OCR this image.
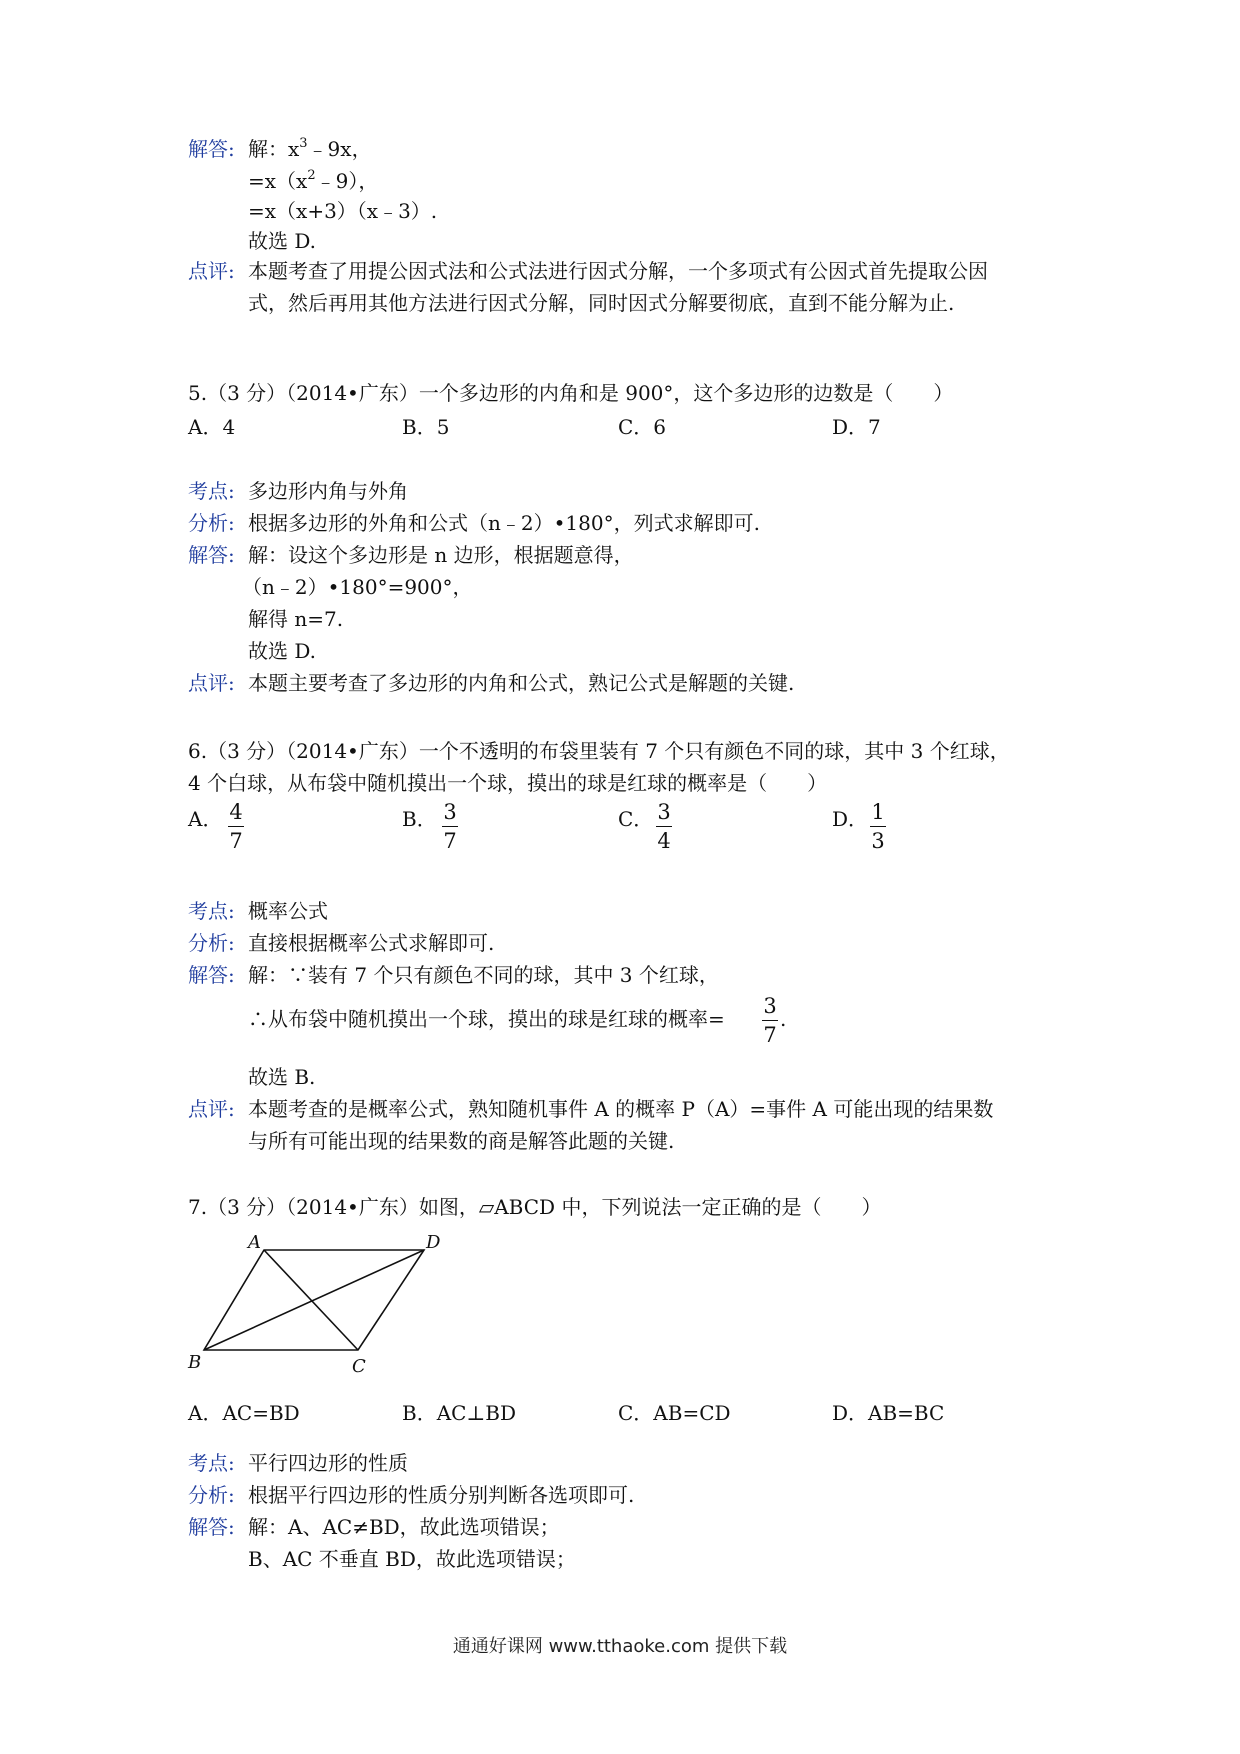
解答: 解：$x^3﹣9x$，
$=x(x^2﹣9)$，
=x（x+3）（x﹣3）.
故选 D.
点评: 本题考查了用提公因式法和公式法进行因式分解，一个多项式有公因式首先提取公因
式，然后再用其他方法进行因式分解，同时因式分解要彻底，直到不能分解为止.
5.（3 分）（2014•广东）一个多边形的内角和是 900°，这个多边形的边数是（　　）
A．4	B．5	C．6	D．7
考点: 多边形内角与外角
分析: 根据多边形的外角和公式（n﹣2）•180°，列式求解即可.
解答: 解：设这个多边形是 n 边形，根据题意得，
（n﹣2）•180°=900°，
解得 n=7.
故选 D.
点评: 本题主要考查了多边形的内角和公式，熟记公式是解题的关键.
6.（3 分）（2014•广东）一个不透明的布袋里装有 7 个只有颜色不同的球，其中 3 个红球，
4 个白球，从布袋中随机摸出一个球，摸出的球是红球的概率是（　　）
A． 4
7
B． 3
7
C． 3
4
D． 1
3
考点: 概率公式
分析: 直接根据概率公式求解即可.
解答: 解：∵装有 7 个只有颜色不同的球，其中 3 个红球，
∴从布袋中随机摸出一个球，摸出的球是红球的概率=
3
7
.
故选 B.
点评: 本题考查的是概率公式，熟知随机事件 A 的概率 P（A）=事件 A 可能出现的结果数
与所有可能出现的结果数的商是解答此题的关键.
7.（3 分）（2014•广东）如图，▱ABCD 中，下列说法一定正确的是（　　）
A	D
B	C
A．AC=BD	B．AC⊥BD	C．AB=CD	D．AB=BC
考点: 平行四边形的性质
分析: 根据平行四边形的性质分别判断各选项即可.
解答: 解：A、AC≠BD，故此选项错误；
B、AC 不垂直 BD，故此选项错误；
通通好课网 www.tthaoke.com 提供下载
